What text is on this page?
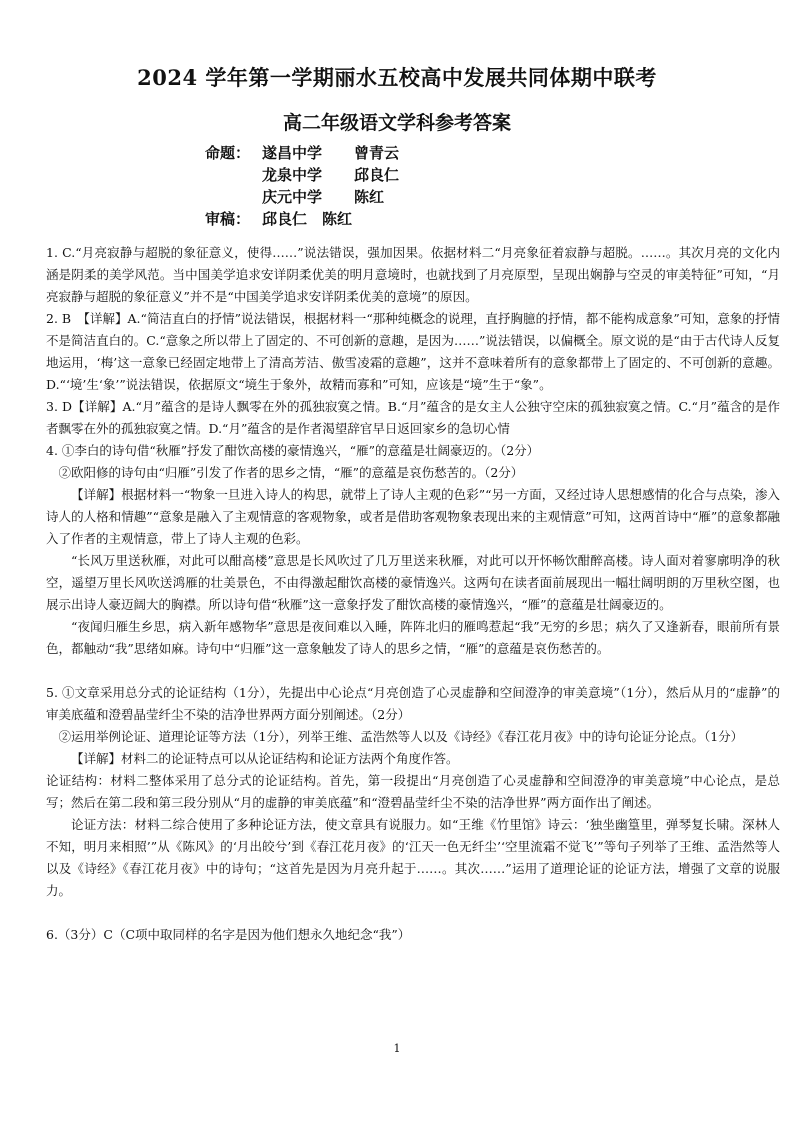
2024 学年第一学期丽水五校高中发展共同体期中联考
高二年级语文学科参考答案
命题： 遂昌中学 曾青云
龙泉中学 邱良仁
庆元中学 陈红
审稿： 邱良仁　陈红

1. C.“月亮寂静与超脱的象征意义，使得……”说法错误，强加因果。依据材料二“月亮象征着寂静与超脱。……。其次月亮的文化内涵是阴柔的美学风范。当中国美学追求安详阴柔优美的明月意境时，也就找到了月亮原型，呈现出娴静与空灵的审美特征”可知，“月亮寂静与超脱的象征意义”并不是“中国美学追求安详阴柔优美的意境”的原因。

2. B　【详解】A.“简洁直白的抒情”说法错误，根据材料一“那种纯概念的说理，直抒胸臆的抒情，都不能构成意象”可知，意象的抒情不是简洁直白的。C.“意象之所以带上了固定的、不可创新的意趣，是因为……”说法错误，以偏概全。原文说的是“由于古代诗人反复地运用，‘梅’这一意象已经固定地带上了清高芳洁、傲雪凌霜的意趣”，这并不意味着所有的意象都带上了固定的、不可创新的意趣。D.“‘境’生‘象’”说法错误，依据原文“境生于象外，故精而寡和”可知，应该是“境”生于“象”。

3. D【详解】A.“月”蕴含的是诗人飘零在外的孤独寂寞之情。B.“月”蕴含的是女主人公独守空床的孤独寂寞之情。C.“月”蕴含的是作者飘零在外的孤独寂寞之情。D.“月”蕴含的是作者渴望辞官早日返回家乡的急切心情

4. ①李白的诗句借“秋雁”抒发了酣饮高楼的豪情逸兴，“雁”的意蕴是壮阔豪迈的。（2分）

②欧阳修的诗句由“归雁”引发了作者的思乡之情，“雁”的意蕴是哀伤愁苦的。（2分）

【详解】根据材料一“物象一旦进入诗人的构思，就带上了诗人主观的色彩”“另一方面，又经过诗人思想感情的化合与点染，渗入诗人的人格和情趣”“意象是融入了主观情意的客观物象，或者是借助客观物象表现出来的主观情意”可知，这两首诗中“雁”的意象都融入了作者的主观情意，带上了诗人主观的色彩。

“长风万里送秋雁，对此可以酣高楼”意思是长风吹过了几万里送来秋雁，对此可以开怀畅饮酣醉高楼。诗人面对着寥廓明净的秋空，遥望万里长风吹送鸿雁的壮美景色，不由得激起酣饮高楼的豪情逸兴。这两句在读者面前展现出一幅壮阔明朗的万里秋空图，也展示出诗人豪迈阔大的胸襟。所以诗句借“秋雁”这一意象抒发了酣饮高楼的豪情逸兴，“雁”的意蕴是壮阔豪迈的。

“夜闻归雁生乡思，病入新年感物华”意思是夜间难以入睡，阵阵北归的雁鸣惹起“我”无穷的乡思；病久了又逢新春，眼前所有景色，都触动“我”思绪如麻。诗句中“归雁”这一意象触发了诗人的思乡之情，“雁”的意蕴是哀伤愁苦的。

5. ①文章采用总分式的论证结构（1分），先提出中心论点“月亮创造了心灵虚静和空间澄净的审美意境”（1分），然后从月的“虚静”的审美底蕴和澄碧晶莹纤尘不染的洁净世界两方面分别阐述。（2分）

②运用举例论证、道理论证等方法（1分），列举王维、孟浩然等人以及《诗经》《春江花月夜》中的诗句论证分论点。（1分）

【详解】材料二的论证特点可以从论证结构和论证方法两个角度作答。

论证结构：材料二整体采用了总分式的论证结构。首先，第一段提出“月亮创造了心灵虚静和空间澄净的审美意境”中心论点，是总写；然后在第二段和第三段分别从“月的虚静的审美底蕴”和“澄碧晶莹纤尘不染的洁净世界”两方面作出了阐述。

论证方法：材料二综合使用了多种论证方法，使文章具有说服力。如“王维《竹里馆》诗云：‘独坐幽篁里，弹琴复长啸。深林人不知，明月来相照’”从《陈风》的‘月出皎兮’到《春江花月夜》的‘江天一色无纤尘’‘空里流霜不觉飞’”等句子列举了王维、孟浩然等人以及《诗经》《春江花月夜》中的诗句；“这首先是因为月亮升起于……。其次……”运用了道理论证的论证方法，增强了文章的说服力。

6.（3分）C（C项中取同样的名字是因为他们想永久地纪念“我”）

1
